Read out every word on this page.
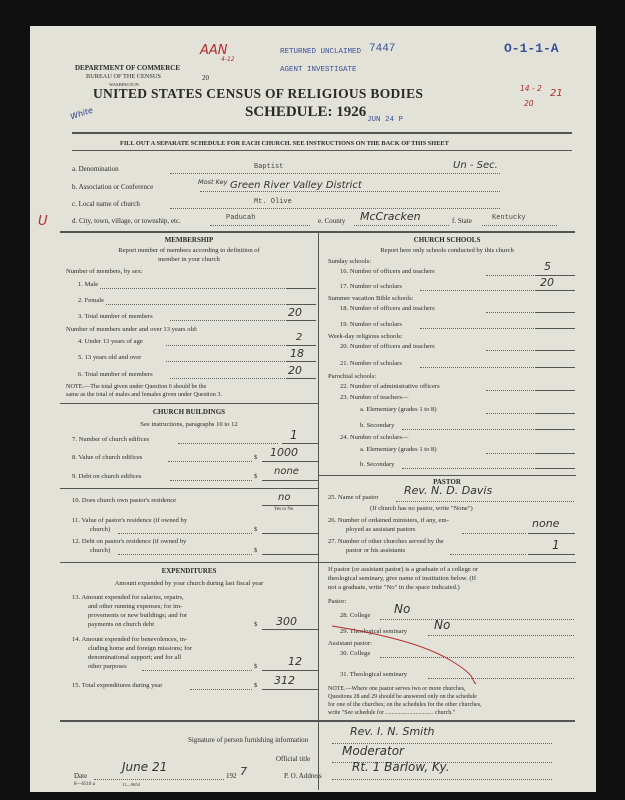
DEPARTMENT OF COMMERCE
BUREAU OF THE CENSUS
WASHINGTON
20
UNITED STATES CENSUS OF RELIGIOUS BODIES
SCHEDULE: 1926
FILL OUT A SEPARATE SCHEDULE FOR EACH CHURCH. SEE INSTRUCTIONS ON THE BACK OF THIS SHEET
AAN
4-12
RETURNED UNCLAIMED 7447
AGENT INVESTIGATE
O-1-1-A
JUN 24 P
White
14 - 2
20
21
a. Denomination	Baptist	Un - Sec.
b. Association or Conference
Most Key Green River Valley District
c. Local name of church	Mt. Olive
U	d. City, town, village, or township, etc.	Paducah	e. County McCracken	f. State	Kentucky
MEMBERSHIP
Report number of members according to definition of
member in your church
Number of members, by sex:
1. Male
2. Female
3. Total number of members	20
Number of members under and over 13 years old:
4. Under 13 years of age	2
5. 13 years old and over	18
6. Total number of members	20
NOTE.—The total given under Question 6 should be the
same as the total of males and females given under Question 3.
CHURCH BUILDINGS
See instructions, paragraphs 10 to 12
7. Number of church edifices	1
8. Value of church edifices	$ 1000
9. Debt on church edifices	$ none
10. Does church own pastor's residence	no
Yes or No
11. Value of pastor's residence (if owned by
church)	$
12. Debt on pastor's residence (if owned by
church)	$
EXPENDITURES
Amount expended by your church during last fiscal year
13. Amount expended for salaries, repairs,
and other running expenses; for im-
provements or new buildings; and for
payments on church debt	$ 300
14. Amount expended for benevolences, in-
cluding home and foreign missions; for
denominational support; and for all
other purposes	$	12
15. Total expenditures during year	$ 312
CHURCH SCHOOLS
Report here only schools conducted by this church
Sunday schools:
16. Number of officers and teachers	5
17. Number of scholars	20
Summer vacation Bible schools:
18. Number of officers and teachers
19. Number of scholars
Week-day religious schools:
20. Number of officers and teachers
21. Number of scholars
Parochial schools:
22. Number of administrative officers
23. Number of teachers—
a. Elementary (grades 1 to 8)
b. Secondary
24. Number of scholars—
a. Elementary (grades 1 to 8)
b. Secondary
PASTOR
25. Name of pastor
Rev. N. D. Davis
(If church has no pastor, write "None")
26. Number of ordained ministers, if any, em-
ployed as assistant pastors	none
27. Number of other churches served by the
pastor or his assistants	1
If pastor (or assistant pastor) is a graduate of a college or
theological seminary, give name of institution below. (If
not a graduate, write "No" in the space indicated.)
Pastor:
28. College No
29. Theological seminary No
Assistant pastor:
30. College
31. Theological seminary
NOTE.—Where one pastor serves two or more churches,
Questions 28 and 29 should be answered only on the schedule
for one of the churches; on the schedules for the other churches,
write "See schedule for ................................ church."
Signature of person furnishing information
Rev. I. N. Smith
Official title
Moderator
Date
June 21
192 7	P. O. Address
Rt. 1 Barlow, Ky.
8—6518 a	11—9654
